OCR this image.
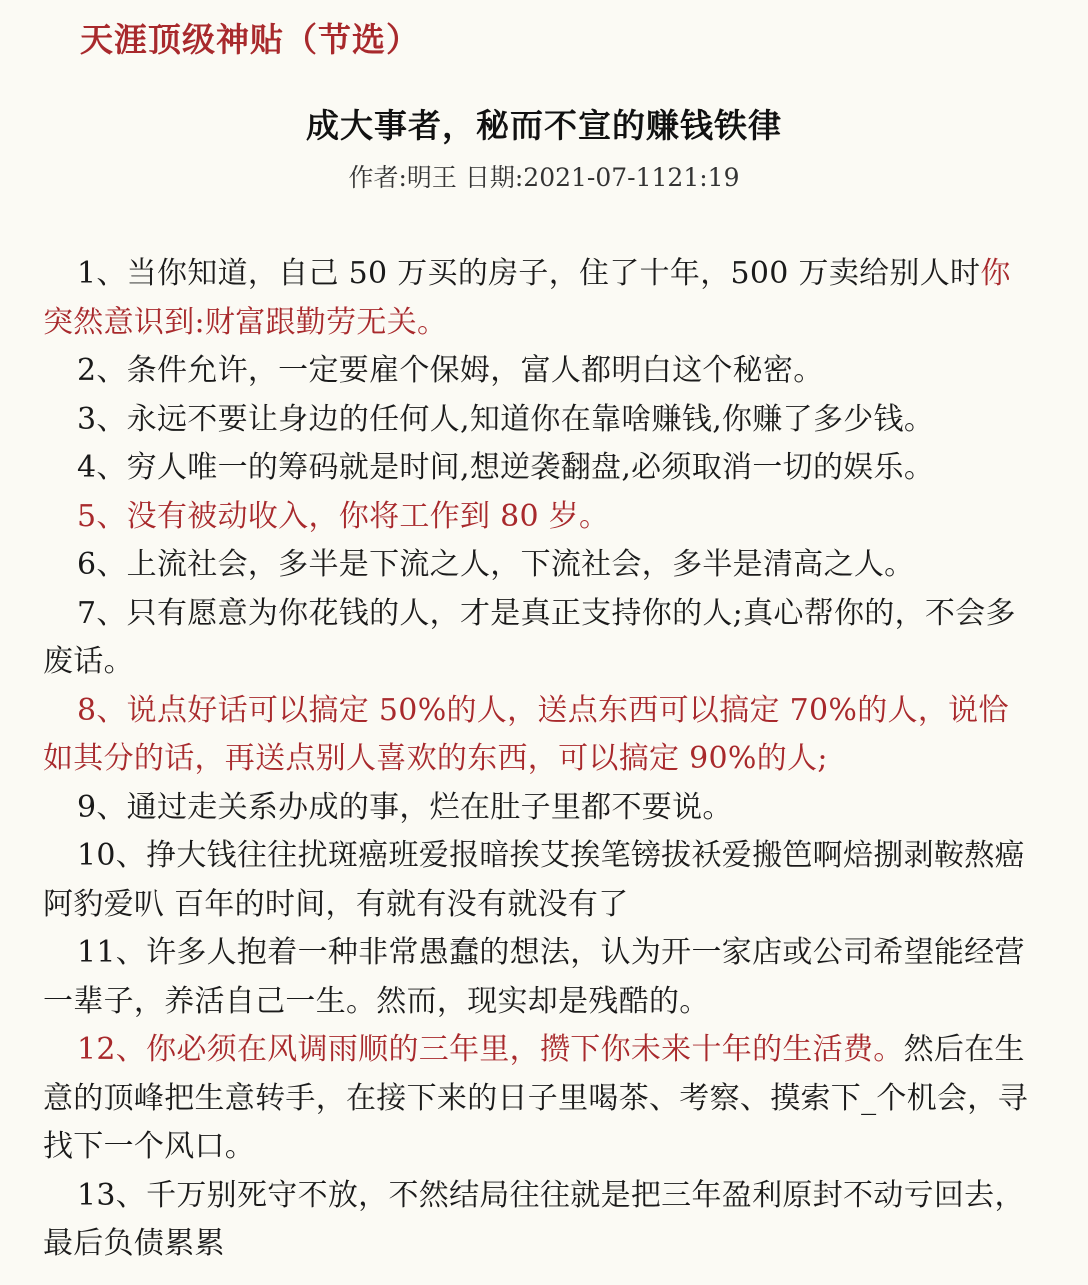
天涯顶级神贴（节选）
成大事者，秘而不宣的赚钱铁律
作者:明王 日期:2021-07-1121:19

1、当你知道，自己 50 万买的房子，住了十年，500 万卖给别人时你突然意识到:财富跟勤劳无关。

2、条件允许，一定要雇个保姆，富人都明白这个秘密。

3、永远不要让身边的任何人,知道你在靠啥赚钱,你赚了多少钱。

4、穷人唯一的筹码就是时间,想逆袭翻盘,必须取消一切的娱乐。

5、没有被动收入，你将工作到 80 岁。

6、上流社会，多半是下流之人，下流社会，多半是清高之人。

7、只有愿意为你花钱的人，才是真正支持你的人;真心帮你的，不会多废话。

8、说点好话可以搞定 50%的人，送点东西可以搞定 70%的人，说恰如其分的话，再送点别人喜欢的东西，可以搞定 90%的人;

9、通过走关系办成的事，烂在肚子里都不要说。

10、挣大钱往往扰斑癌班爱报暗挨艾挨笔镑拔袄爱搬笆啊焙捌剥鞍熬癌阿豹爱叭 百年的时间，有就有没有就没有了

11、许多人抱着一种非常愚蠢的想法，认为开一家店或公司希望能经营一辈子，养活自己一生。然而，现实却是残酷的。

12、你必须在风调雨顺的三年里，攒下你未来十年的生活费。然后在生意的顶峰把生意转手，在接下来的日子里喝茶、考察、摸索下_个机会，寻找下一个风口。

13、千万别死守不放，不然结局往往就是把三年盈利原封不动亏回去，最后负债累累
